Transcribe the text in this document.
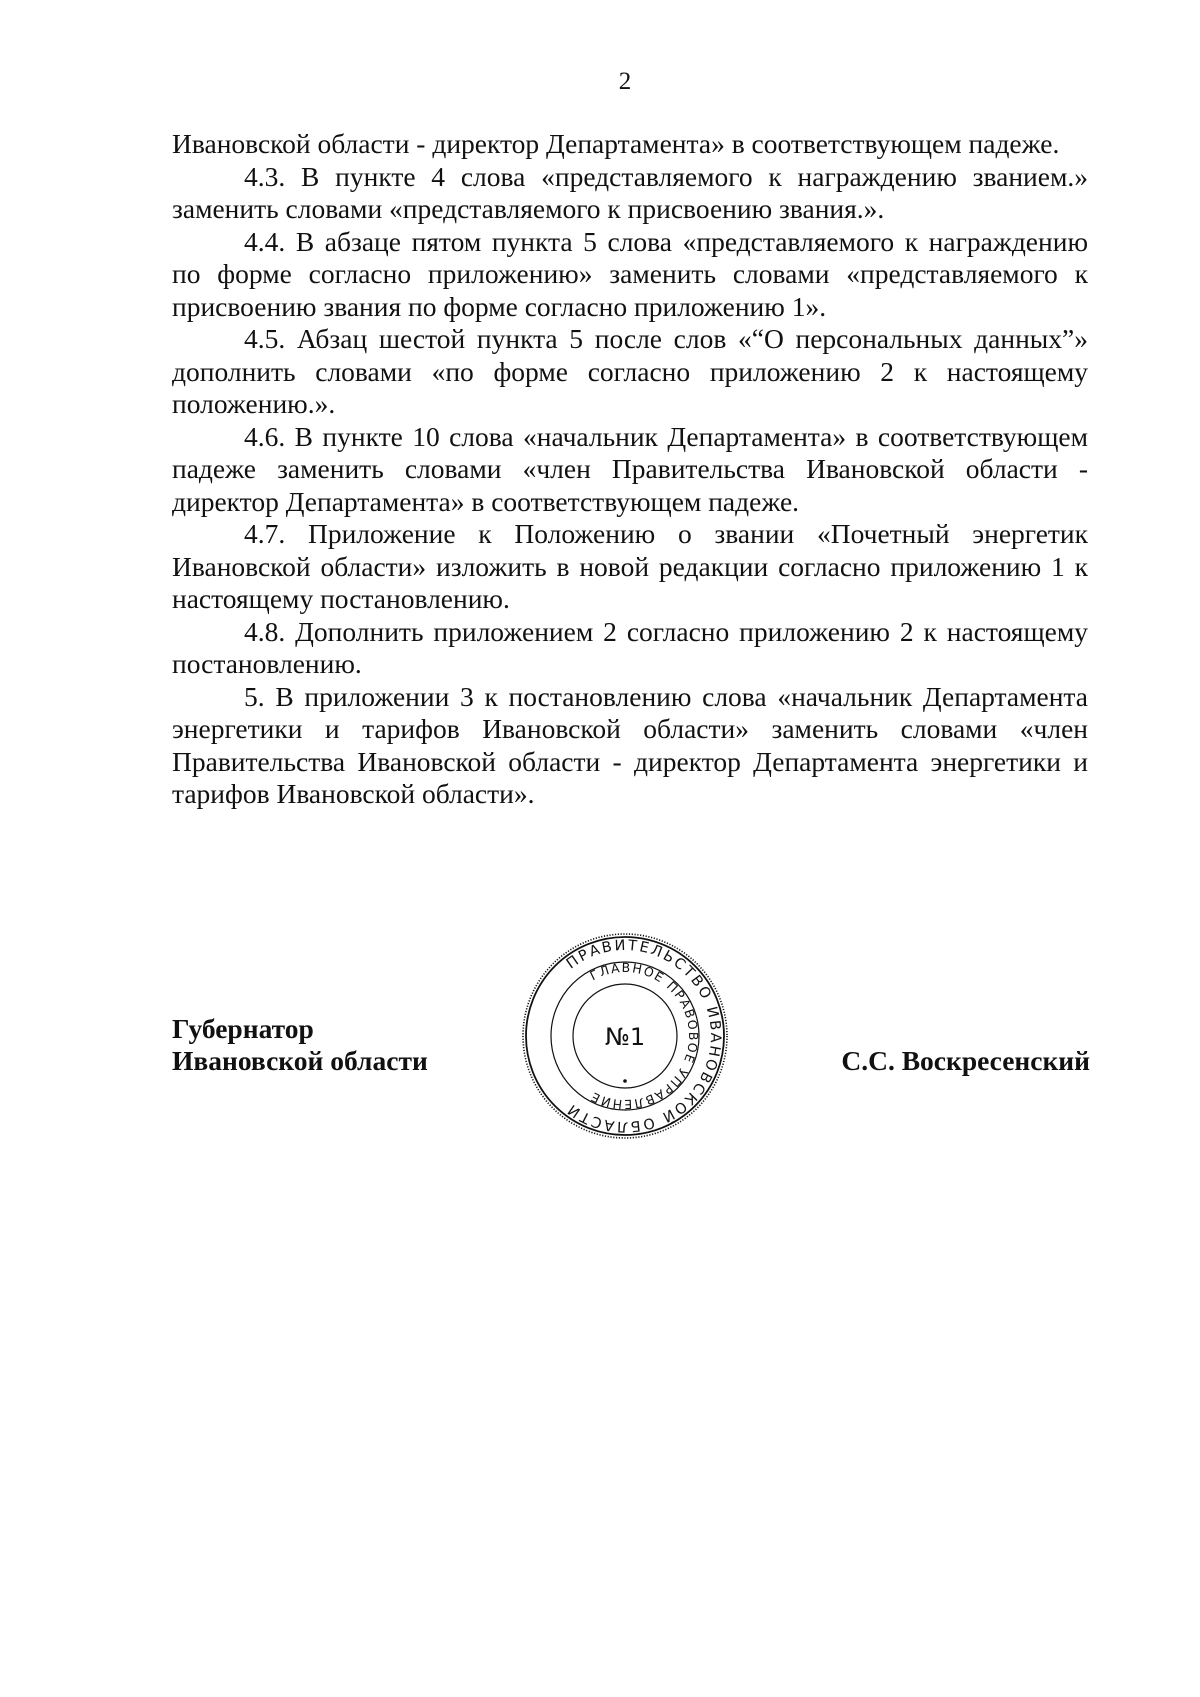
2

Ивановской области - директор Департамента» в соответствующем падеже.

4.3. В пункте 4 слова «представляемого к награждению званием.» заменить словами «представляемого к присвоению звания.».

4.4. В абзаце пятом пункта 5 слова «представляемого к награждению по форме согласно приложению» заменить словами «представляемого к присвоению звания по форме согласно приложению 1».

4.5. Абзац шестой пункта 5 после слов «“О персональных данных”» дополнить словами «по форме согласно приложению 2 к настоящему положению.».

4.6. В пункте 10 слова «начальник Департамента» в соответствующем падеже заменить словами «член Правительства Ивановской области - директор Департамента» в соответствующем падеже.

4.7. Приложение к Положению о звании «Почетный энергетик Ивановской области» изложить в новой редакции согласно приложению 1 к настоящему постановлению.

4.8. Дополнить приложением 2 согласно приложению 2 к настоящему постановлению.

5. В приложении 3 к постановлению слова «начальник Департамента энергетики и тарифов Ивановской области» заменить словами «член Правительства Ивановской области - директор Департамента энергетики и тарифов Ивановской области».

Губернатор
Ивановской области
ПРАВИТЕЛЬСТВО ИВАНОВСКОЙ ОБЛАСТИ
ГЛАВНОЕ ПРАВОВОЕ УПРАВЛЕНИЕ
№1
С.С. Воскресенский
